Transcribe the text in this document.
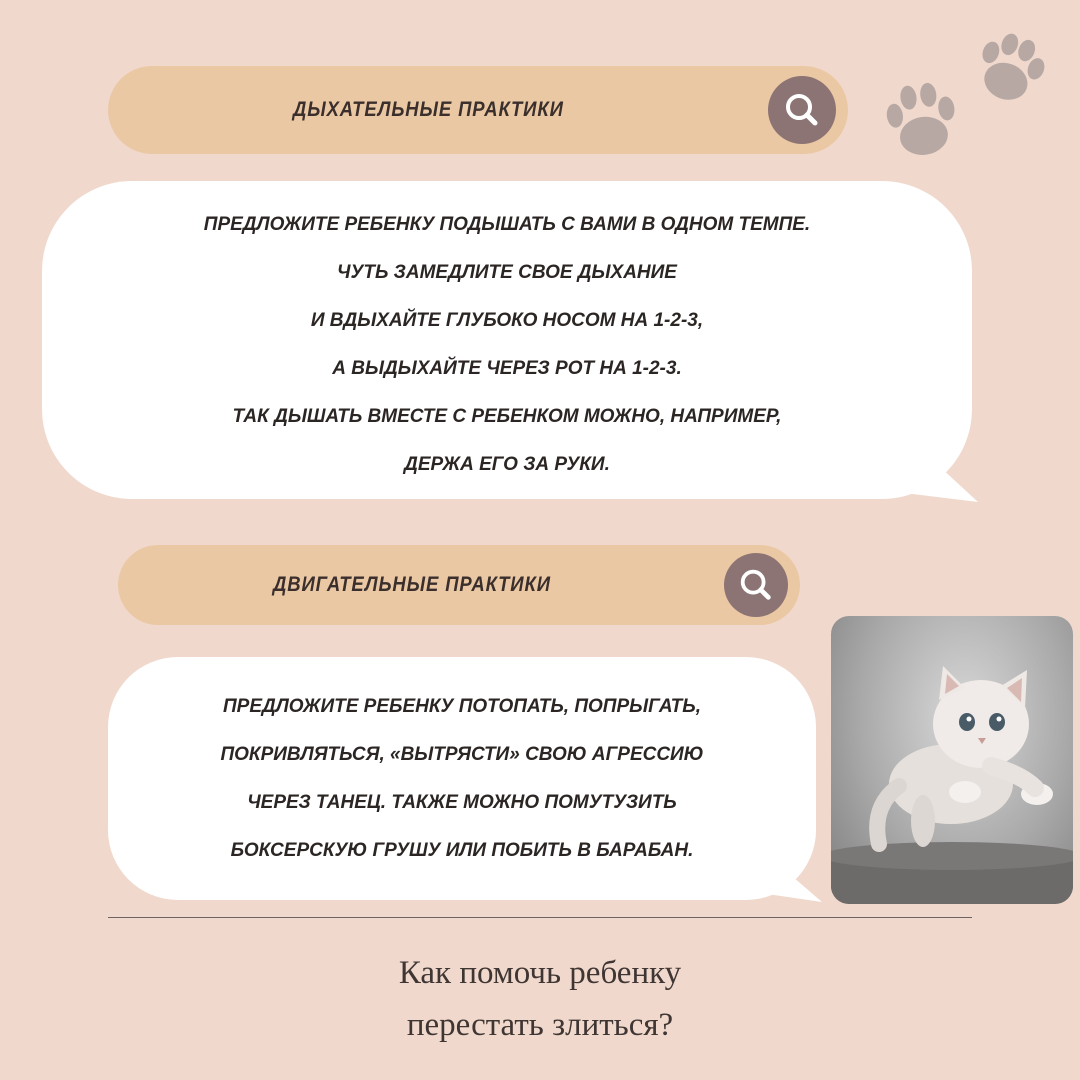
ДЫХАТЕЛЬНЫЕ ПРАКТИКИ
ПРЕДЛОЖИТЕ РЕБЕНКУ ПОДЫШАТЬ С ВАМИ В ОДНОМ ТЕМПЕ.
ЧУТЬ ЗАМЕДЛИТЕ СВОЕ ДЫХАНИЕ
И ВДЫХАЙТЕ ГЛУБОКО НОСОМ НА 1-2-3,
А ВЫДЫХАЙТЕ ЧЕРЕЗ РОТ НА 1-2-3.
ТАК ДЫШАТЬ ВМЕСТЕ С РЕБЕНКОМ МОЖНО, НАПРИМЕР,
ДЕРЖА ЕГО ЗА РУКИ.
ДВИГАТЕЛЬНЫЕ ПРАКТИКИ
ПРЕДЛОЖИТЕ РЕБЕНКУ ПОТОПАТЬ, ПОПРЫГАТЬ,
ПОКРИВЛЯТЬСЯ, «ВЫТРЯСТИ» СВОЮ АГРЕССИЮ
ЧЕРЕЗ ТАНЕЦ. ТАКЖЕ МОЖНО ПОМУТУЗИТЬ
БОКСЕРСКУЮ ГРУШУ ИЛИ ПОБИТЬ В БАРАБАН.
Как помочь ребенку
перестать злиться?
